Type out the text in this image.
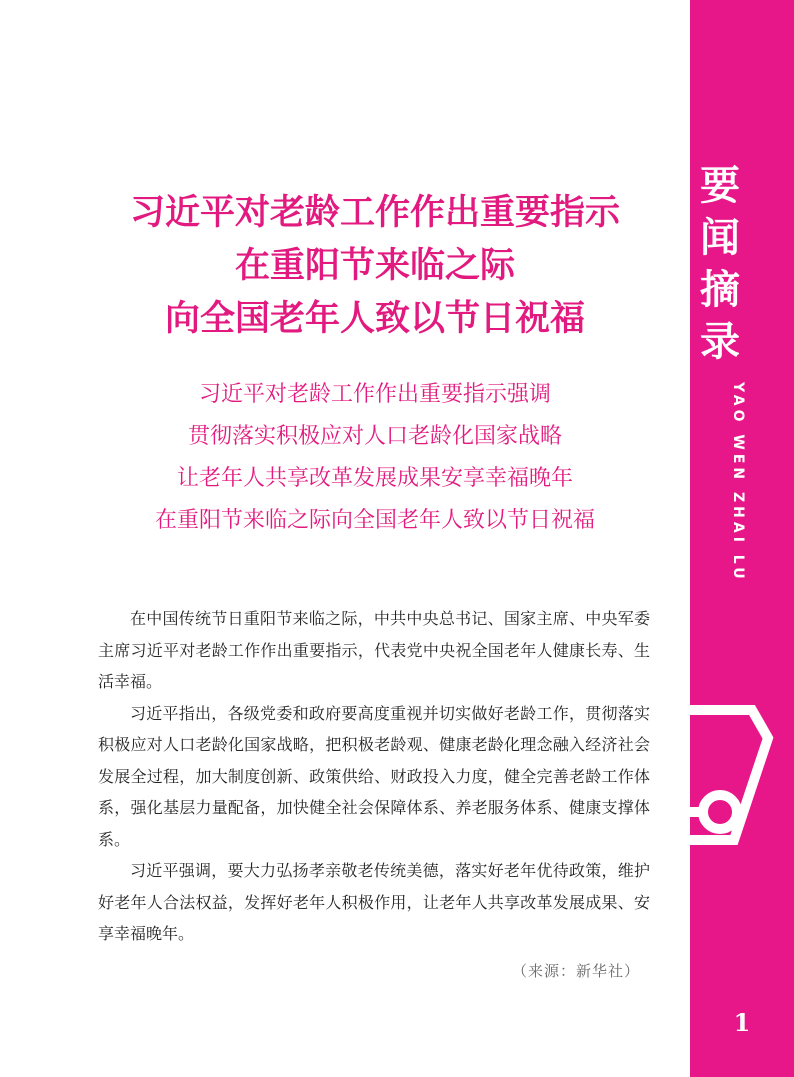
要
闻
摘
录
YAO WEN ZHAI LU
1
习近平对老龄工作作出重要指示
在重阳节来临之际
向全国老年人致以节日祝福
习近平对老龄工作作出重要指示强调
贯彻落实积极应对人口老龄化国家战略
让老年人共享改革发展成果安享幸福晚年
在重阳节来临之际向全国老年人致以节日祝福

在中国传统节日重阳节来临之际，中共中央总书记、国家主席、中央军委主席习近平对老龄工作作出重要指示，代表党中央祝全国老年人健康长寿、生活幸福。

习近平指出，各级党委和政府要高度重视并切实做好老龄工作，贯彻落实积极应对人口老龄化国家战略，把积极老龄观、健康老龄化理念融入经济社会发展全过程，加大制度创新、政策供给、财政投入力度，健全完善老龄工作体系，强化基层力量配备，加快健全社会保障体系、养老服务体系、健康支撑体系。

习近平强调，要大力弘扬孝亲敬老传统美德，落实好老年优待政策，维护好老年人合法权益，发挥好老年人积极作用，让老年人共享改革发展成果、安享幸福晚年。

（来源：新华社）
